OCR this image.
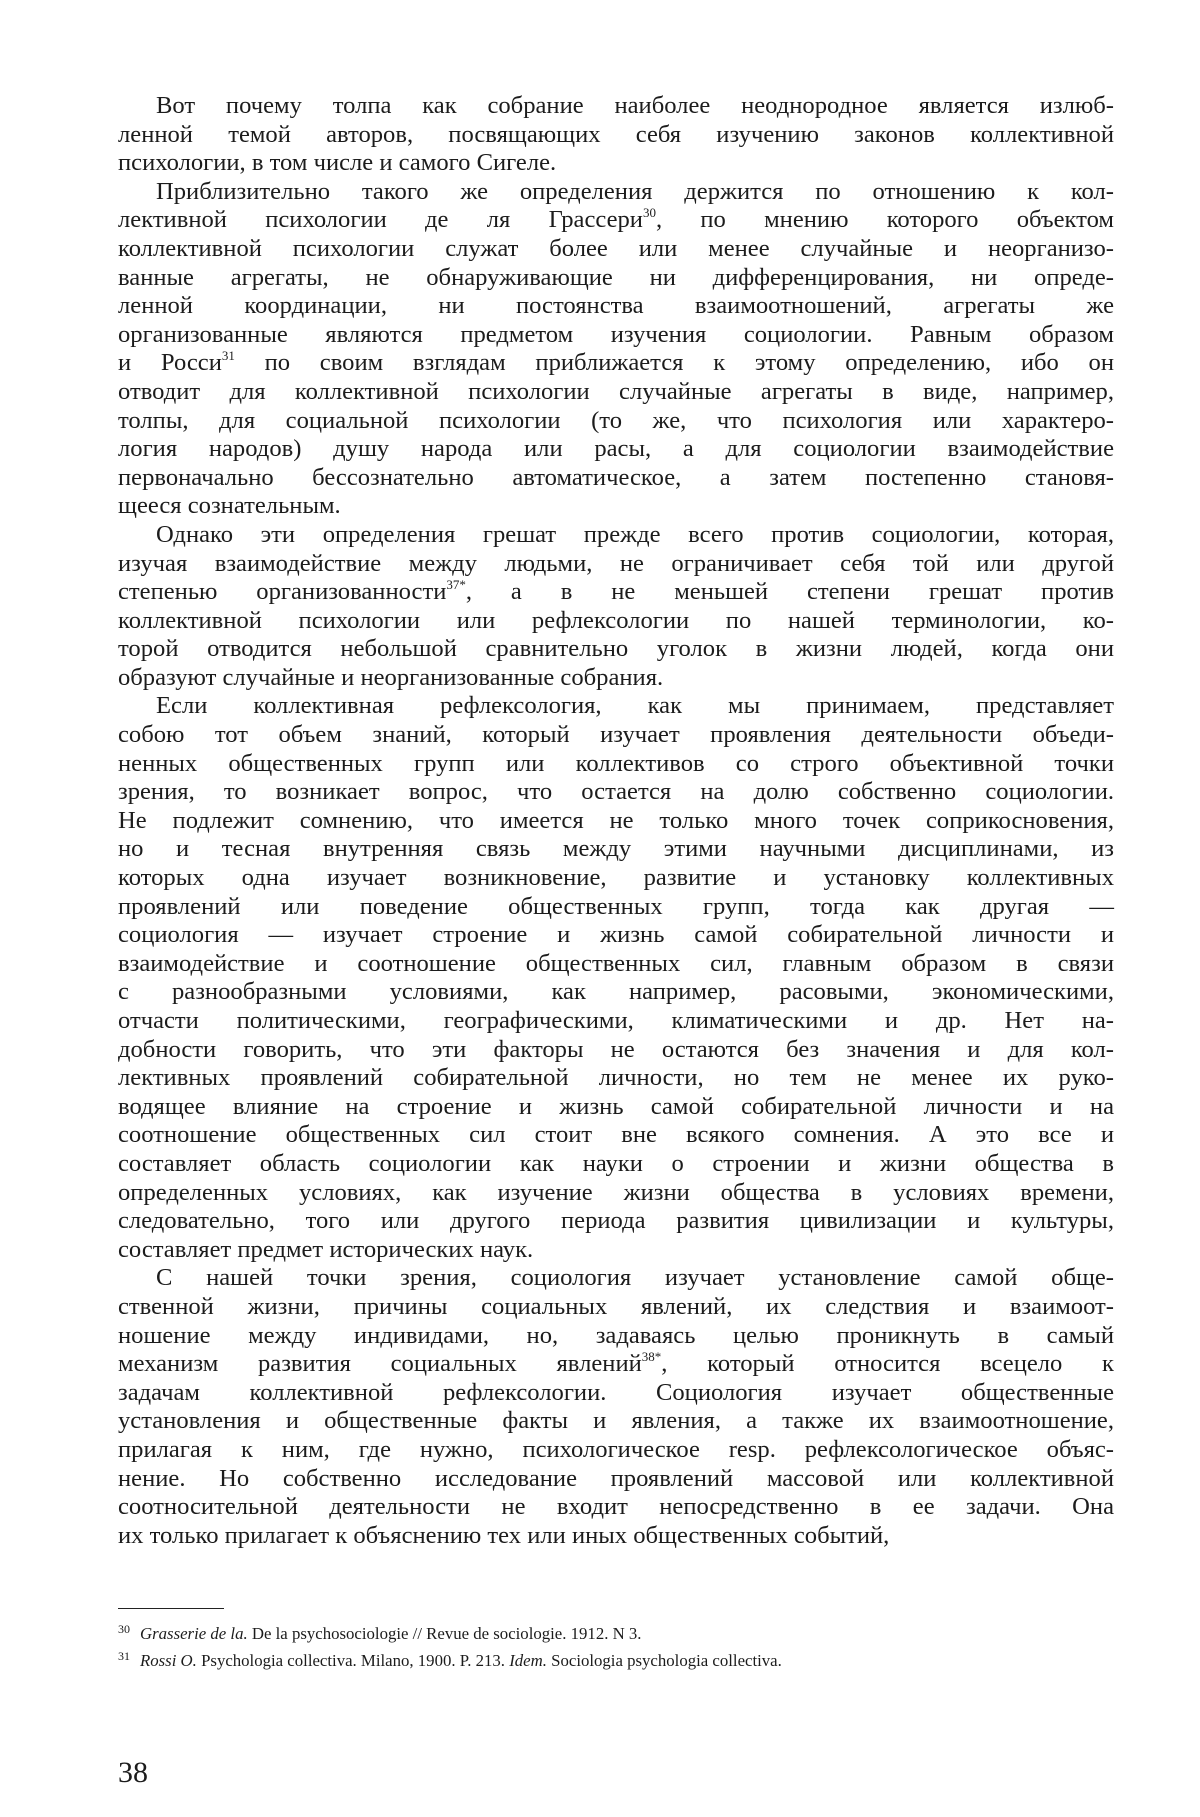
Вот почему толпа как собрание наиболее неоднородное является излюб-
ленной темой авторов, посвящающих себя изучению законов коллективной
психологии, в том числе и самого Сигеле.
Приблизительно такого же определения держится по отношению к кол-
лективной психологии де ля Грассери$^{30}$, по мнению которого объектом
коллективной психологии служат более или менее случайные и неорганизо-
ванные агрегаты, не обнаруживающие ни дифференцирования, ни опреде-
ленной координации, ни постоянства взаимоотношений, агрегаты же
организованные являются предметом изучения социологии. Равным образом
и Росси$^{31}$ по своим взглядам приближается к этому определению, ибо он
отводит для коллективной психологии случайные агрегаты в виде, например,
толпы, для социальной психологии (то же, что психология или характеро-
логия народов) душу народа или расы, а для социологии взаимодействие
первоначально бессознательно автоматическое, а затем постепенно становя-
щееся сознательным.
Однако эти определения грешат прежде всего против социологии, которая,
изучая взаимодействие между людьми, не ограничивает себя той или другой
степенью организованности$^{37*}$, а в не меньшей степени грешат против
коллективной психологии или рефлексологии по нашей терминологии, ко-
торой отводится небольшой сравнительно уголок в жизни людей, когда они
образуют случайные и неорганизованные собрания.
Если коллективная рефлексология, как мы принимаем, представляет
собою тот объем знаний, который изучает проявления деятельности объеди-
ненных общественных групп или коллективов со строго объективной точки
зрения, то возникает вопрос, что остается на долю собственно социологии.
Не подлежит сомнению, что имеется не только много точек соприкосновения,
но и тесная внутренняя связь между этими научными дисциплинами, из
которых одна изучает возникновение, развитие и установку коллективных
проявлений или поведение общественных групп, тогда как другая —
социология — изучает строение и жизнь самой собирательной личности и
взаимодействие и соотношение общественных сил, главным образом в связи
с разнообразными условиями, как например, расовыми, экономическими,
отчасти политическими, географическими, климатическими и др. Нет на-
добности говорить, что эти факторы не остаются без значения и для кол-
лективных проявлений собирательной личности, но тем не менее их руко-
водящее влияние на строение и жизнь самой собирательной личности и на
соотношение общественных сил стоит вне всякого сомнения. А это все и
составляет область социологии как науки о строении и жизни общества в
определенных условиях, как изучение жизни общества в условиях времени,
следовательно, того или другого периода развития цивилизации и культуры,
составляет предмет исторических наук.
С нашей точки зрения, социология изучает установление самой обще-
ственной жизни, причины социальных явлений, их следствия и взаимоот-
ношение между индивидами, но, задаваясь целью проникнуть в самый
механизм развития социальных явлений$^{38*}$, который относится всецело к
задачам коллективной рефлексологии. Социология изучает общественные
установления и общественные факты и явления, а также их взаимоотношение,
прилагая к ним, где нужно, психологическое resp. рефлексологическое объяс-
нение. Но собственно исследование проявлений массовой или коллективной
соотносительной деятельности не входит непосредственно в ее задачи. Она
их только прилагает к объяснению тех или иных общественных событий,
$^{30}$ Grasserie de la. De la psychosociologie // Revue de sociologie. 1912. N 3.
$^{31}$ Rossi O. Psychologia collectiva. Milano, 1900. P. 213. Idem. Sociologia psychologia collectiva.
38
